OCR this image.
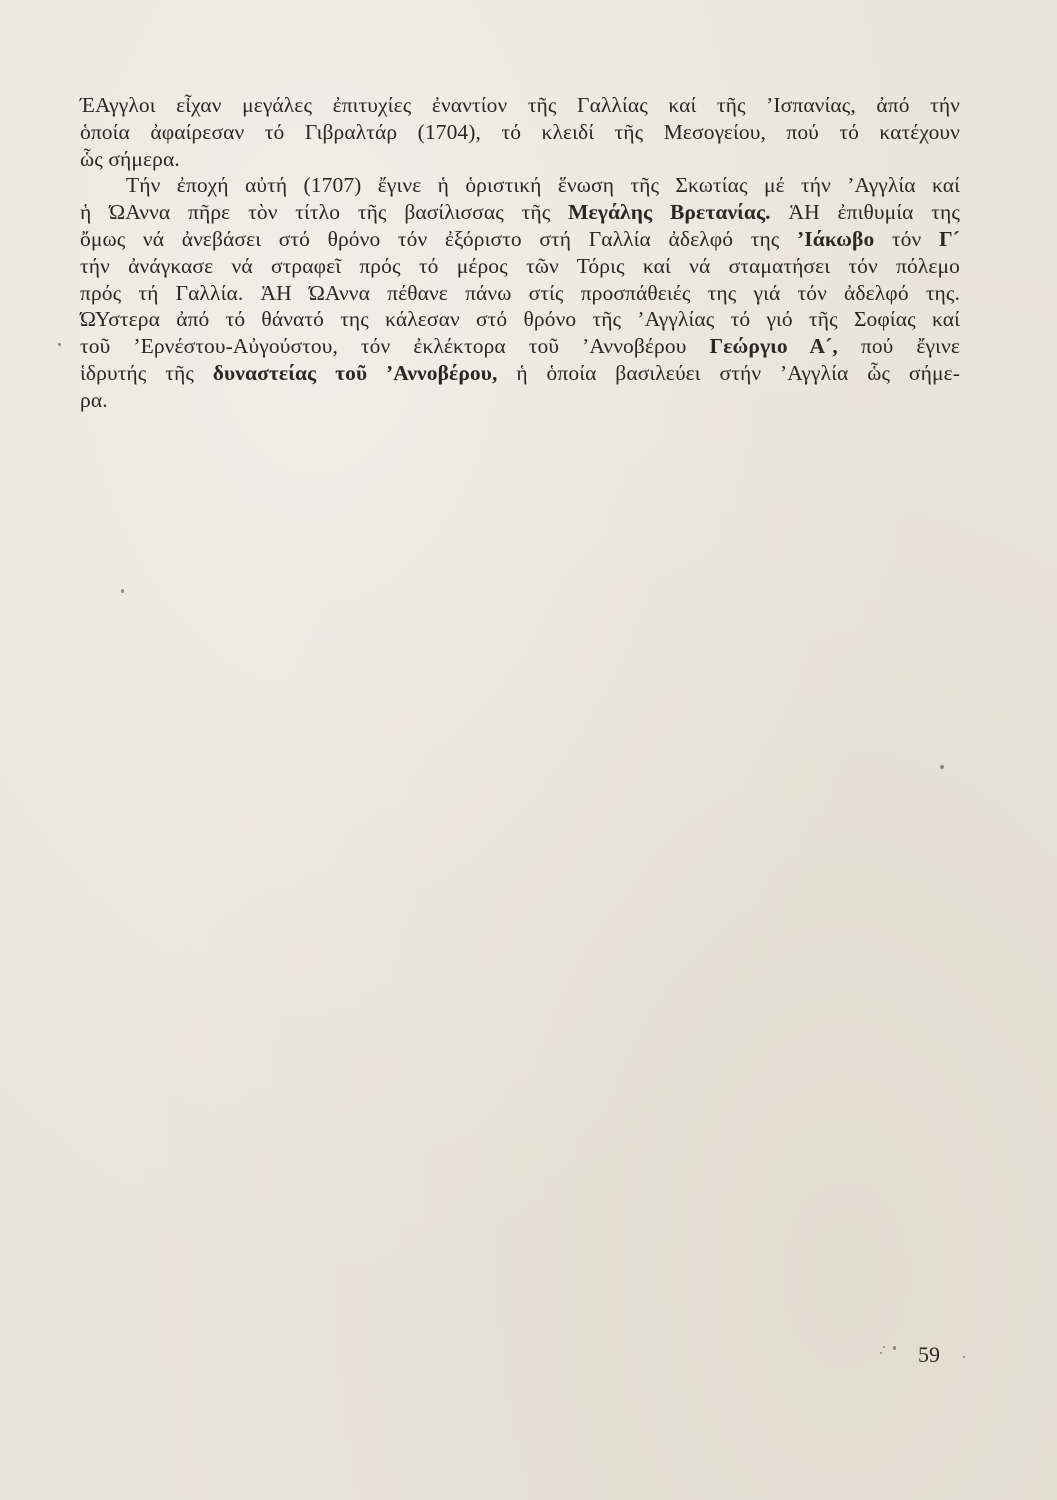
ΈΑγγλοι εἶχαν μεγάλες ἐπιτυχίες ἐναντίον τῆς Γαλλίας καί τῆς ’Ισπανίας, ἀπό τήν
ὁποία ἀφαίρεσαν τό Γιβραλτάρ (1704), τό κλειδί τῆς Μεσογείου, πού τό κατέχουν
ὧς σήμερα.
Τήν ἐποχή αὐτή (1707) ἔγινε ἡ ὁριστική ἕνωση τῆς Σκωτίας μέ τήν ’Αγγλία καί
ἡ ΏΑννα πῆρε τὸν τίτλο τῆς βασίλισσας τῆς Μεγάλης Βρετανίας. ἉΗ ἐπιθυμία της
ὄμως νά ἀνεβάσει στό θρόνο τόν ἐξόριστο στή Γαλλία ἀδελφό της ’Ιάκωβο τόν Γ´
τήν ἀνάγκασε νά στραφεῖ πρός τό μέρος τῶν Τόρις καί νά σταματήσει τόν πόλεμο
πρός τή Γαλλία. ἉΗ ΏΑννα πέθανε πάνω στίς προσπάθειές της γιά τόν ἀδελφό της.
ΏΥστερα ἀπό τό θάνατό της κάλεσαν στό θρόνο τῆς ’Αγγλίας τό γιό τῆς Σοφίας καί
τοῦ ’Ερνέστου-Αὐγούστου, τόν ἐκλέκτορα τοῦ ’Αννοβέρου Γεώργιο Α´, πού ἔγινε
ἱδρυτής τῆς δυναστείας τοῦ ’Αννοβέρου, ἡ ὁποία βασιλεύει στήν ’Αγγλία ὧς σήμε-
ρα.
59
